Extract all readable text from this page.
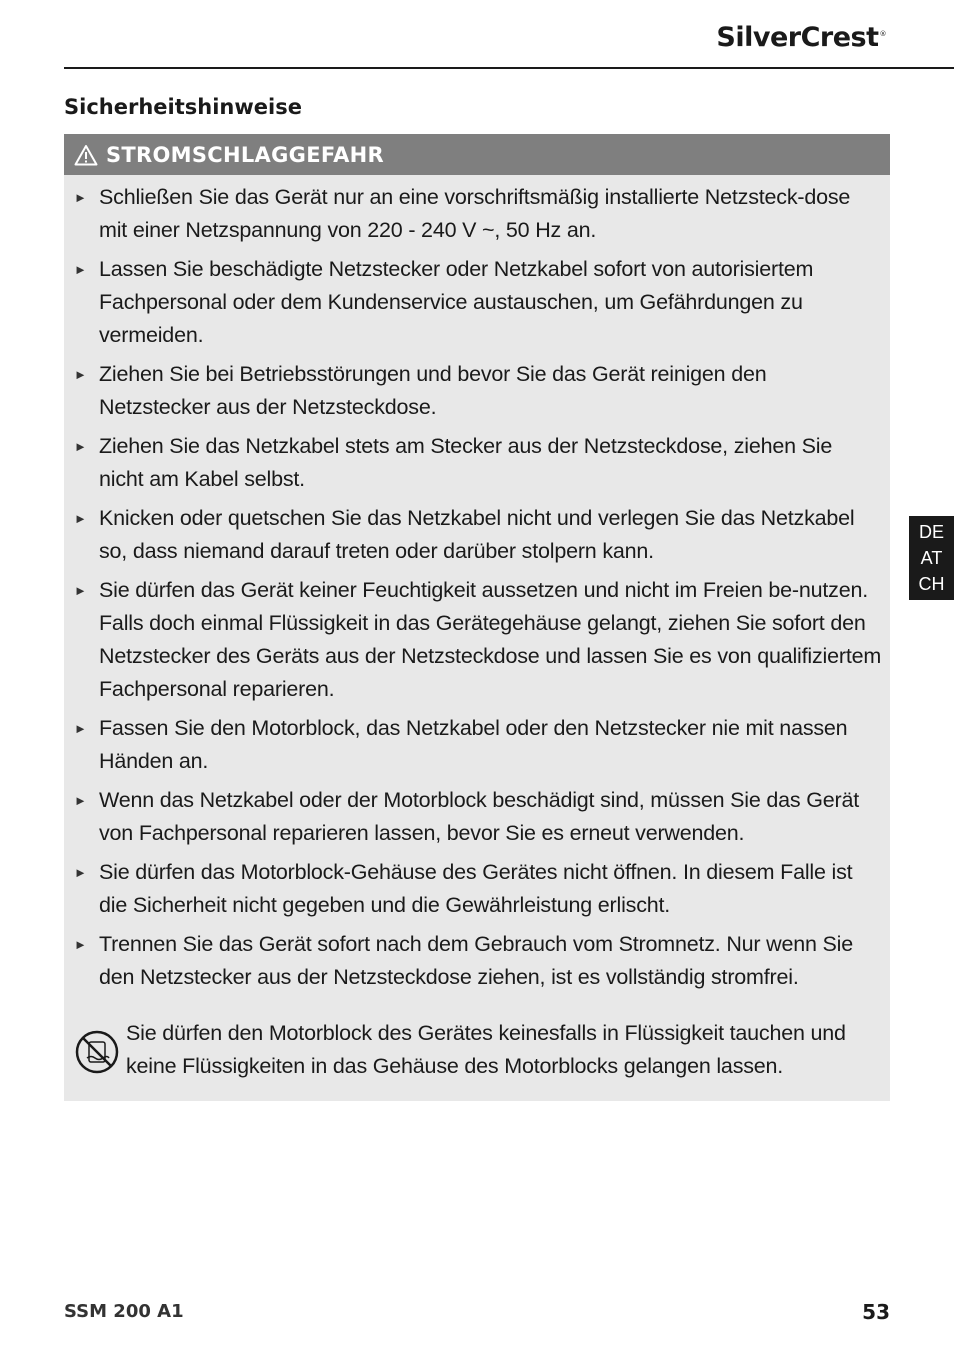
SilverCrest®
Sicherheitshinweise
STROMSCHLAGGEFAHR
► Schließen Sie das Gerät nur an eine vorschriftsmäßig installierte Netzsteck-dose mit einer Netzspannung von 220 - 240 V ~, 50 Hz an.
► Lassen Sie beschädigte Netzstecker oder Netzkabel sofort von autorisiertem Fachpersonal oder dem Kundenservice austauschen, um Gefährdungen zu vermeiden.
► Ziehen Sie bei Betriebsstörungen und bevor Sie das Gerät reinigen den Netzstecker aus der Netzsteckdose.
► Ziehen Sie das Netzkabel stets am Stecker aus der Netzsteckdose, ziehen Sie nicht am Kabel selbst.
► Knicken oder quetschen Sie das Netzkabel nicht und verlegen Sie das Netzkabel so, dass niemand darauf treten oder darüber stolpern kann.
► Sie dürfen das Gerät keiner Feuchtigkeit aussetzen und nicht im Freien be-nutzen. Falls doch einmal Flüssigkeit in das Gerätegehäuse gelangt, ziehen Sie sofort den Netzstecker des Geräts aus der Netzsteckdose und lassen Sie es von qualifiziertem Fachpersonal reparieren.
► Fassen Sie den Motorblock, das Netzkabel oder den Netzstecker nie mit nassen Händen an.
► Wenn das Netzkabel oder der Motorblock beschädigt sind, müssen Sie das Gerät von Fachpersonal reparieren lassen, bevor Sie es erneut verwenden.
► Sie dürfen das Motorblock-Gehäuse des Gerätes nicht öffnen. In diesem Falle ist die Sicherheit nicht gegeben und die Gewährleistung erlischt.
► Trennen Sie das Gerät sofort nach dem Gebrauch vom Stromnetz. Nur wenn Sie den Netzstecker aus der Netzsteckdose ziehen, ist es vollständig stromfrei.
Sie dürfen den Motorblock des Gerätes keinesfalls in Flüssigkeit tauchen und keine Flüssigkeiten in das Gehäuse des Motorblocks gelangen lassen.
DE
AT
CH
SSM 200 A1	53
